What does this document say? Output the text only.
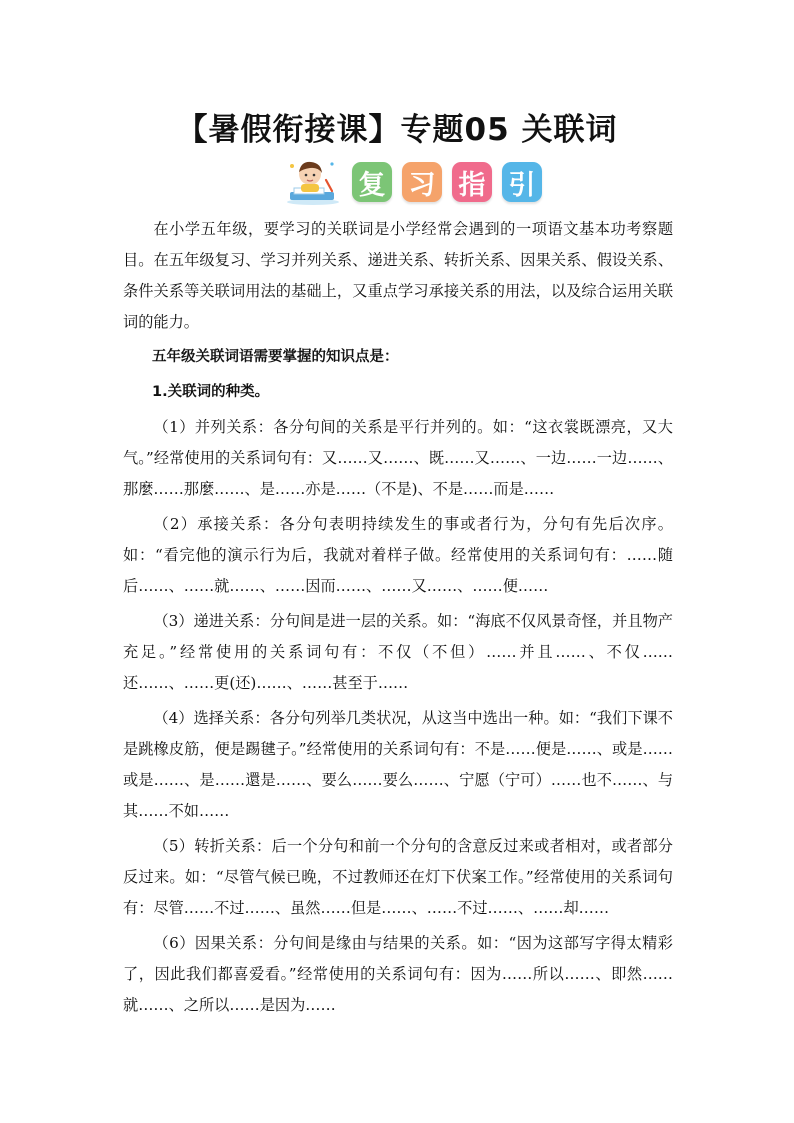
【暑假衔接课】专题05 关联词
复 习 指 引

在小学五年级，要学习的关联词是小学经常会遇到的一项语文基本功考察题目。在五年级复习、学习并列关系、递进关系、转折关系、因果关系、假设关系、条件关系等关联词用法的基础上，又重点学习承接关系的用法，以及综合运用关联词的能力。

五年级关联词语需要掌握的知识点是：

1.关联词的种类。

（1）并列关系：各分句间的关系是平行并列的。如：“这衣裳既漂亮，又大气。”经常使用的关系词句有：又……又……、既……又……、一边……一边……、那麼……那麼……、是……亦是……（不是)、不是……而是……

（2）承接关系：各分句表明持续发生的事或者行为，分句有先后次序。如：“看完他的演示行为后，我就对着样子做。经常使用的关系词句有：……随后……、……就……、……因而……、……又……、……便……

（3）递进关系：分句间是进一层的关系。如：“海底不仅风景奇怪，并且物产充足。”经常使用的关系词句有：不仅（不但）……并且……、不仅……还……、……更(还)……、……甚至于……

（4）选择关系：各分句列举几类状况，从这当中选出一种。如：“我们下课不是跳橡皮筋，便是踢毽子。”经常使用的关系词句有：不是……便是……、或是……或是……、是……還是……、要么……要么……、宁愿（宁可）……也不……、与其……不如……

（5）转折关系：后一个分句和前一个分句的含意反过来或者相对，或者部分反过来。如：“尽管气候已晚，不过教师还在灯下伏案工作。”经常使用的关系词句有：尽管……不过……、虽然……但是……、……不过……、……却……

（6）因果关系：分句间是缘由与结果的关系。如：“因为这部写字得太精彩了，因此我们都喜爱看。”经常使用的关系词句有：因为……所以……、即然……就……、之所以……是因为……
